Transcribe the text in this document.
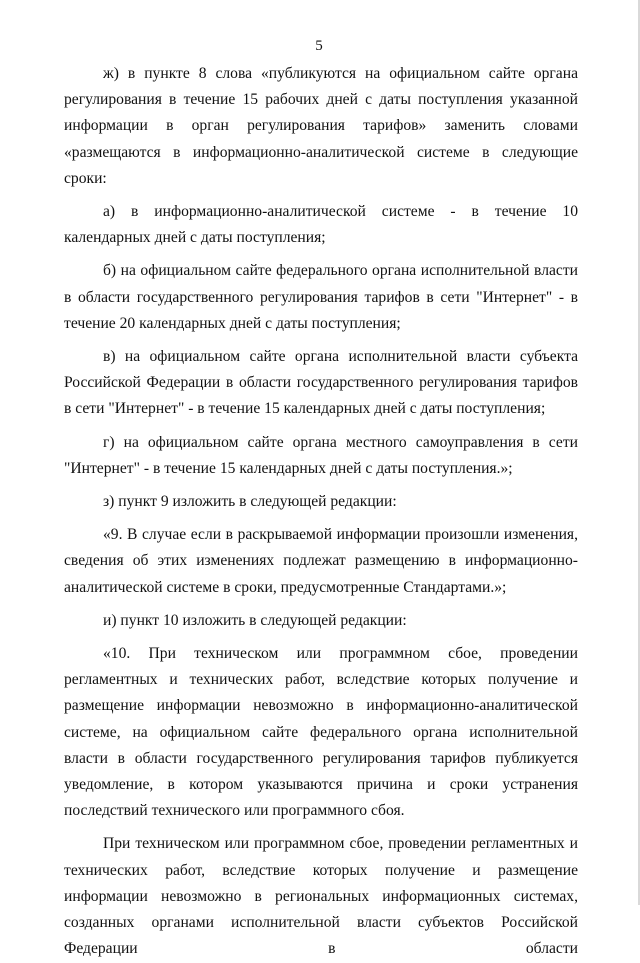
5

ж) в пункте 8 слова «публикуются на официальном сайте органа регулирования в течение 15 рабочих дней с даты поступления указанной информации в орган регулирования тарифов» заменить словами «размещаются в информационно-аналитической системе в следующие сроки:

а) в информационно-аналитической системе - в течение 10 календарных дней с даты поступления;

б) на официальном сайте федерального органа исполнительной власти в области государственного регулирования тарифов в сети "Интернет" - в течение 20 календарных дней с даты поступления;

в) на официальном сайте органа исполнительной власти субъекта Российской Федерации в области государственного регулирования тарифов в сети "Интернет" - в течение 15 календарных дней с даты поступления;

г) на официальном сайте органа местного самоуправления в сети "Интернет" - в течение 15 календарных дней с даты поступления.»;

з) пункт 9 изложить в следующей редакции:

«9. В случае если в раскрываемой информации произошли изменения, сведения об этих изменениях подлежат размещению в информационно-аналитической системе в сроки, предусмотренные Стандартами.»;

и) пункт 10 изложить в следующей редакции:

«10. При техническом или программном сбое, проведении регламентных и технических работ, вследствие которых получение и размещение информации невозможно в информационно-аналитической системе, на официальном сайте федерального органа исполнительной власти в области государственного регулирования тарифов публикуется уведомление, в котором указываются причина и сроки устранения последствий технического или программного сбоя.

При техническом или программном сбое, проведении регламентных и технических работ, вследствие которых получение и размещение информации невозможно в региональных информационных системах, созданных органами исполнительной власти субъектов Российской Федерации в области
